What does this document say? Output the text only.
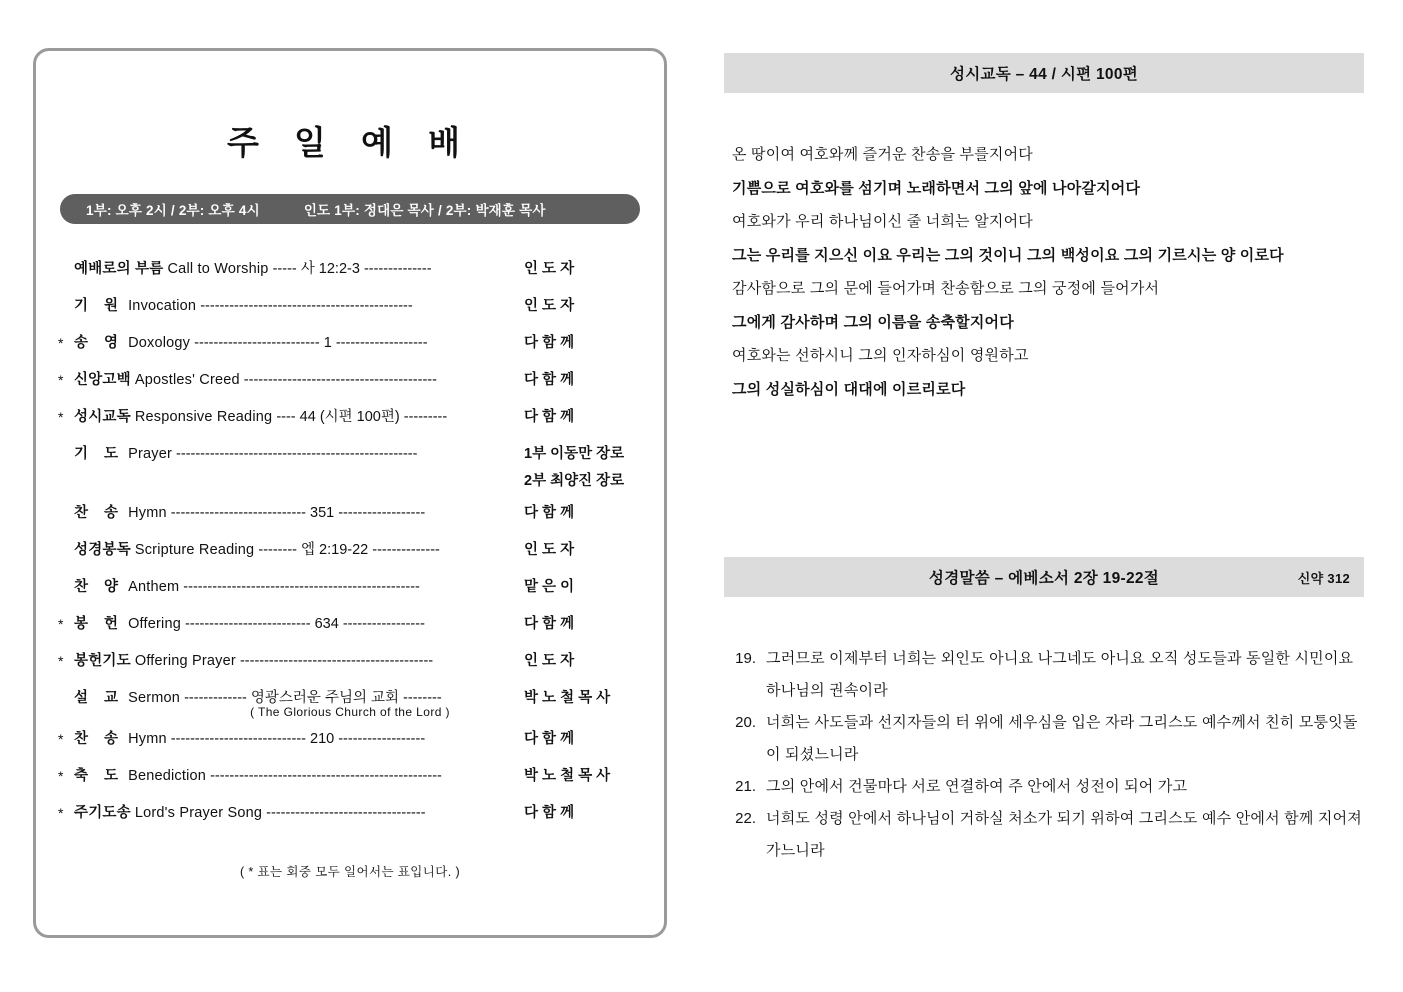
주 일 예 배
1부: 오후 2시 / 2부: 오후 4시	인도 1부: 정대은 목사 / 2부: 박재훈 목사
예배로의 부름 Call to Worship ----- 사 12:2-3 --------------	인 도 자
기 원 Invocation --------------------------------------------	인 도 자
* 송 영 Doxology -------------------------- 1 -------------------	다 함 께
* 신앙고백 Apostles' Creed ----------------------------------------	다 함 께
* 성시교독 Responsive Reading ---- 44 (시편 100편) ---------	다 함 께
기 도 Prayer --------------------------------------------------	1부 이동만 장로
2부 최양진 장로
찬 송 Hymn ---------------------------- 351 ------------------	다 함 께
성경봉독 Scripture Reading -------- 엡 2:19-22 --------------	인 도 자
찬 양 Anthem -------------------------------------------------	맡 은 이
* 봉 헌 Offering -------------------------- 634 -----------------	다 함 께
* 봉헌기도 Offering Prayer ----------------------------------------	인 도 자
설 교 Sermon ------------- 영광스러운 주님의 교회 --------	박 노 철 목 사
( The Glorious Church of the Lord )
* 찬 송 Hymn ---------------------------- 210 ------------------	다 함 께
* 축 도 Benediction ------------------------------------------------	박 노 철 목 사
* 주기도송 Lord's Prayer Song ---------------------------------	다 함 께
( * 표는 회중 모두 일어서는 표입니다. )
성시교독 – 44 / 시편 100편
온 땅이여 여호와께 즐거운 찬송을 부를지어다
기쁨으로 여호와를 섬기며 노래하면서 그의 앞에 나아갈지어다
여호와가 우리 하나님이신 줄 너희는 알지어다
그는 우리를 지으신 이요 우리는 그의 것이니 그의 백성이요 그의 기르시는 양 이로다
감사함으로 그의 문에 들어가며 찬송함으로 그의 궁정에 들어가서
그에게 감사하며 그의 이름을 송축할지어다
여호와는 선하시니 그의 인자하심이 영원하고
그의 성실하심이 대대에 이르리로다
성경말씀 – 에베소서 2장 19-22절	신약 312
19. 그러므로 이제부터 너희는 외인도 아니요 나그네도 아니요 오직 성도들과 동일한 시민이요 하나님의 권속이라
20. 너희는 사도들과 선지자들의 터 위에 세우심을 입은 자라 그리스도 예수께서 친히 모퉁잇돌이 되셨느니라
21. 그의 안에서 건물마다 서로 연결하여 주 안에서 성전이 되어 가고
22. 너희도 성령 안에서 하나님이 거하실 처소가 되기 위하여 그리스도 예수 안에서 함께 지어져 가느니라
